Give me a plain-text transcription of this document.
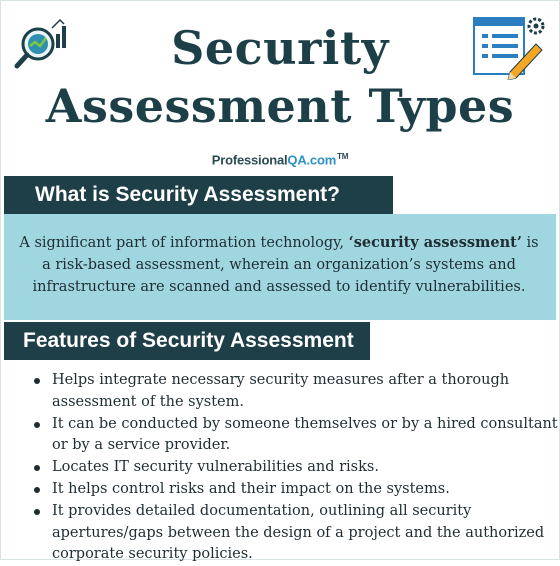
Security
Assessment Types
ProfessionalQA.com™
What is Security Assessment?
A significant part of information technology, ‘security assessment’ is a risk-based assessment, wherein an organization’s systems and infrastructure are scanned and assessed to identify vulnerabilities.
Features of Security Assessment
Helps integrate necessary security measures after a thorough assessment of the system.
It can be conducted by someone themselves or by a hired consultant or by a service provider.
Locates IT security vulnerabilities and risks.
It helps control risks and their impact on the systems.
It provides detailed documentation, outlining all security apertures/gaps between the design of a project and the authorized corporate security policies.
